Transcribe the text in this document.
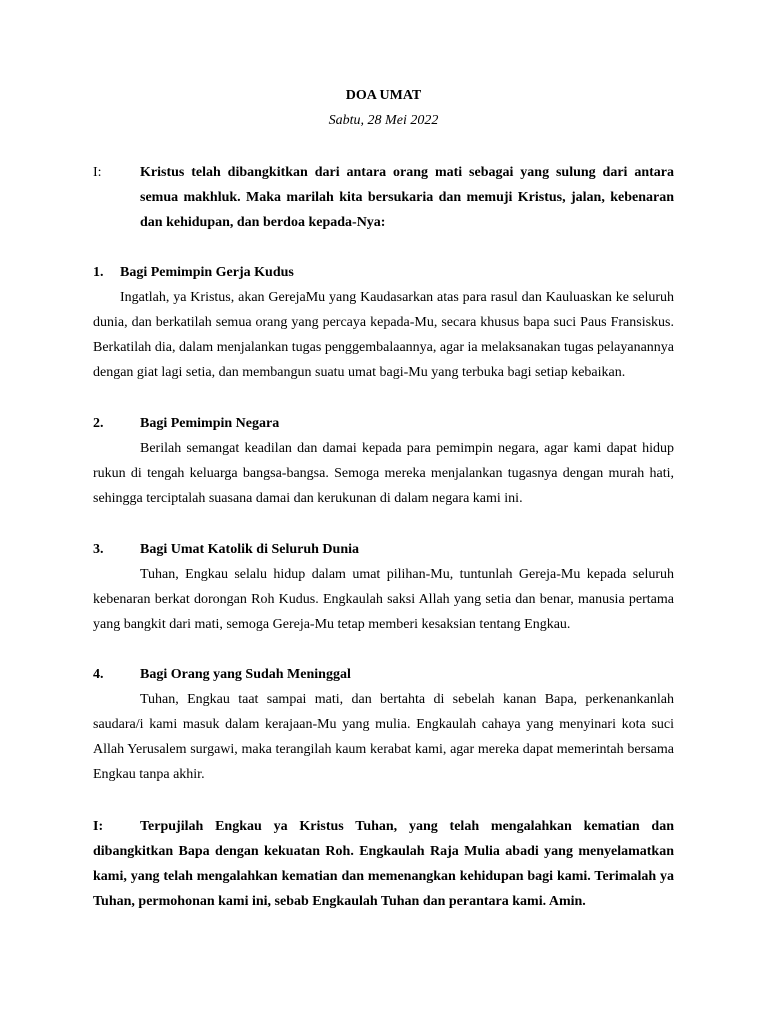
DOA UMAT
Sabtu, 28 Mei 2022
I:	Kristus telah dibangkitkan dari antara orang mati sebagai yang sulung dari antara semua makhluk. Maka marilah kita bersukaria dan memuji Kristus, jalan, kebenaran dan kehidupan, dan berdoa kepada-Nya:
1. Bagi Pemimpin Gerja Kudus
Ingatlah, ya Kristus, akan GerejaMu yang Kaudasarkan atas para rasul dan Kauluaskan ke seluruh dunia, dan berkatilah semua orang yang percaya kepada-Mu, secara khusus bapa suci Paus Fransiskus. Berkatilah dia, dalam menjalankan tugas penggembalaannya, agar ia melaksanakan tugas pelayanannya dengan giat lagi setia, dan membangun suatu umat bagi-Mu yang terbuka bagi setiap kebaikan.
2.	Bagi Pemimpin Negara
Berilah semangat keadilan dan damai kepada para pemimpin negara, agar kami dapat hidup rukun di tengah keluarga bangsa-bangsa. Semoga mereka menjalankan tugasnya dengan murah hati, sehingga terciptalah suasana damai dan kerukunan di dalam negara kami ini.
3.	Bagi Umat Katolik di Seluruh Dunia
Tuhan, Engkau selalu hidup dalam umat pilihan-Mu, tuntunlah Gereja-Mu kepada seluruh kebenaran berkat dorongan Roh Kudus. Engkaulah saksi Allah yang setia dan benar, manusia pertama yang bangkit dari mati, semoga Gereja-Mu tetap memberi kesaksian tentang Engkau.
4.	Bagi Orang yang Sudah Meninggal
Tuhan, Engkau taat sampai mati, dan bertahta di sebelah kanan Bapa, perkenankanlah saudara/i kami masuk dalam kerajaan-Mu yang mulia. Engkaulah cahaya yang menyinari kota suci Allah Yerusalem surgawi, maka terangilah kaum kerabat kami, agar mereka dapat memerintah bersama Engkau tanpa akhir.
I:	Terpujilah Engkau ya Kristus Tuhan, yang telah mengalahkan kematian dan dibangkitkan Bapa dengan kekuatan Roh. Engkaulah Raja Mulia abadi yang menyelamatkan kami, yang telah mengalahkan kematian dan memenangkan kehidupan bagi kami. Terimalah ya Tuhan, permohonan kami ini, sebab Engkaulah Tuhan dan perantara kami. Amin.
